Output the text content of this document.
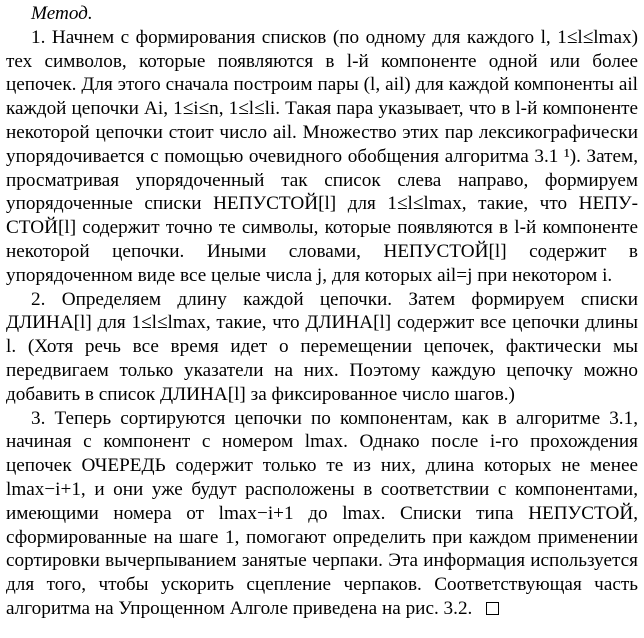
Метод.

1. Начнем с формирования списков (по одному для каждого l, 1≤l≤lmax) тех символов, которые появляются в l-й компоненте одной или более цепочек. Для этого сначала построим пары (l, ail) для каждой компоненты ail каждой цепочки Ai, 1≤i≤n, 1≤l≤li. Такая пара указывает, что в l-й компоненте некоторой цепочки стоит число ail. Множество этих пар лексикографически упорядочивается с помощью очевидного обобщения алгоритма 3.1 ¹). Затем, просматривая упорядоченный так список слева направо, формируем упорядоченные списки НЕПУСТОЙ[l] для 1≤l≤lmax, такие, что НЕПУСТОЙ[l] содержит точно те символы, которые появляются в l-й компоненте некоторой цепочки. Иными словами, НЕПУСТОЙ[l] содержит в упорядоченном виде все целые числа j, для которых ail=j при некотором i.

2. Определяем длину каждой цепочки. Затем формируем списки ДЛИНА[l] для 1≤l≤lmax, такие, что ДЛИНА[l] содержит все цепочки длины l. (Хотя речь все время идет о перемещении цепочек, фактически мы передвигаем только указатели на них. Поэтому каждую цепочку можно добавить в список ДЛИНА[l] за фиксированное число шагов.)

3. Теперь сортируются цепочки по компонентам, как в алгоритме 3.1, начиная с компонент с номером lmax. Однако после i-го прохождения цепочек ОЧЕРЕДЬ содержит только те из них, длина которых не менее lmax−i+1, и они уже будут расположены в соответствии с компонентами, имеющими номера от lmax−i+1 до lmax. Списки типа НЕПУСТОЙ, сформированные на шаге 1, помогают определить при каждом применении сортировки вычерпыванием занятые черпаки. Эта информация используется для того, чтобы ускорить сцепление черпаков. Соответствующая часть алгоритма на Упрощенном Алголе приведена на рис. 3.2.
